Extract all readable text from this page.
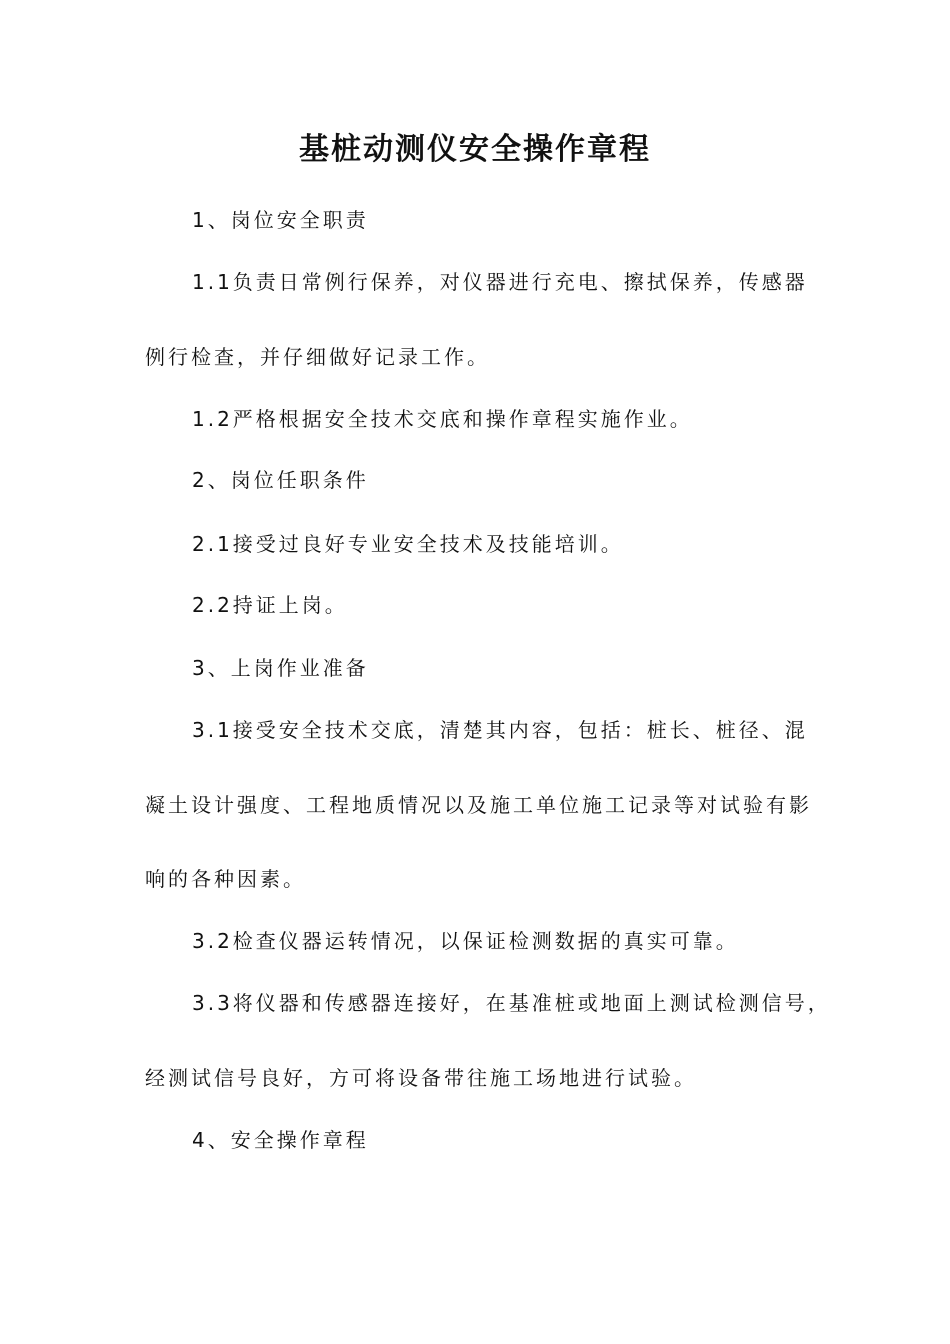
基桩动测仪安全操作章程

1、岗位安全职责

1.1负责日常例行保养，对仪器进行充电、擦拭保养，传感器

例行检查，并仔细做好记录工作。

1.2严格根据安全技术交底和操作章程实施作业。

2、岗位任职条件

2.1接受过良好专业安全技术及技能培训。

2.2持证上岗。

3、上岗作业准备

3.1接受安全技术交底，清楚其内容，包括：桩长、桩径、混

凝土设计强度、工程地质情况以及施工单位施工记录等对试验有影

响的各种因素。

3.2检查仪器运转情况，以保证检测数据的真实可靠。

3.3将仪器和传感器连接好，在基准桩或地面上测试检测信号，

经测试信号良好，方可将设备带往施工场地进行试验。

4、安全操作章程
